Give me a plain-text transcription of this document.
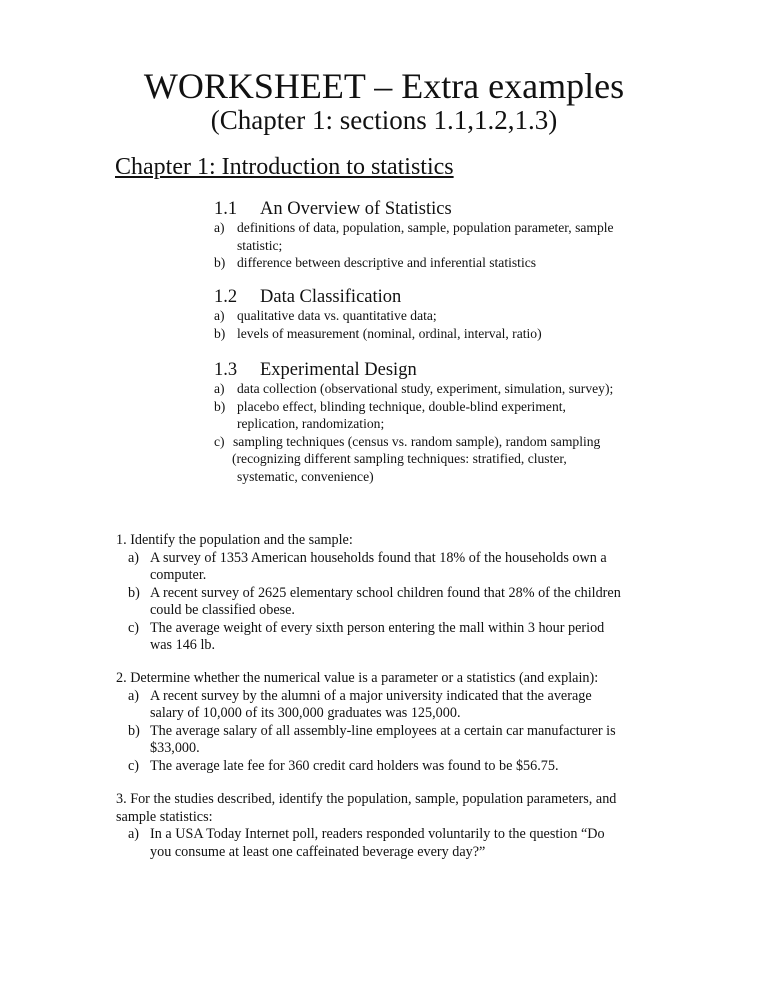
WORKSHEET – Extra examples
(Chapter 1: sections 1.1,1.2,1.3)
Chapter 1: Introduction to statistics
1.1 An Overview of Statistics
a) definitions of data, population, sample, population parameter, sample
statistic;
b) difference between descriptive and inferential statistics
1.2 Data Classification
a) qualitative data vs. quantitative data;
b) levels of measurement (nominal, ordinal, interval, ratio)
1.3 Experimental Design
a) data collection (observational study, experiment, simulation, survey);
b) placebo effect, blinding technique, double-blind experiment,
replication, randomization;
c) sampling techniques (census vs. random sample), random sampling
(recognizing different sampling techniques: stratified, cluster,
systematic, convenience)
1. Identify the population and the sample:
a) A survey of 1353 American households found that 18% of the households own a
computer.
b) A recent survey of 2625 elementary school children found that 28% of the children
could be classified obese.
c) The average weight of every sixth person entering the mall within 3 hour period
was 146 lb.
2. Determine whether the numerical value is a parameter or a statistics (and explain):
a) A recent survey by the alumni of a major university indicated that the average
salary of 10,000 of its 300,000 graduates was 125,000.
b) The average salary of all assembly-line employees at a certain car manufacturer is
$33,000.
c) The average late fee for 360 credit card holders was found to be $56.75.
3. For the studies described, identify the population, sample, population parameters, and
sample statistics:
a) In a USA Today Internet poll, readers responded voluntarily to the question “Do
you consume at least one caffeinated beverage every day?”
